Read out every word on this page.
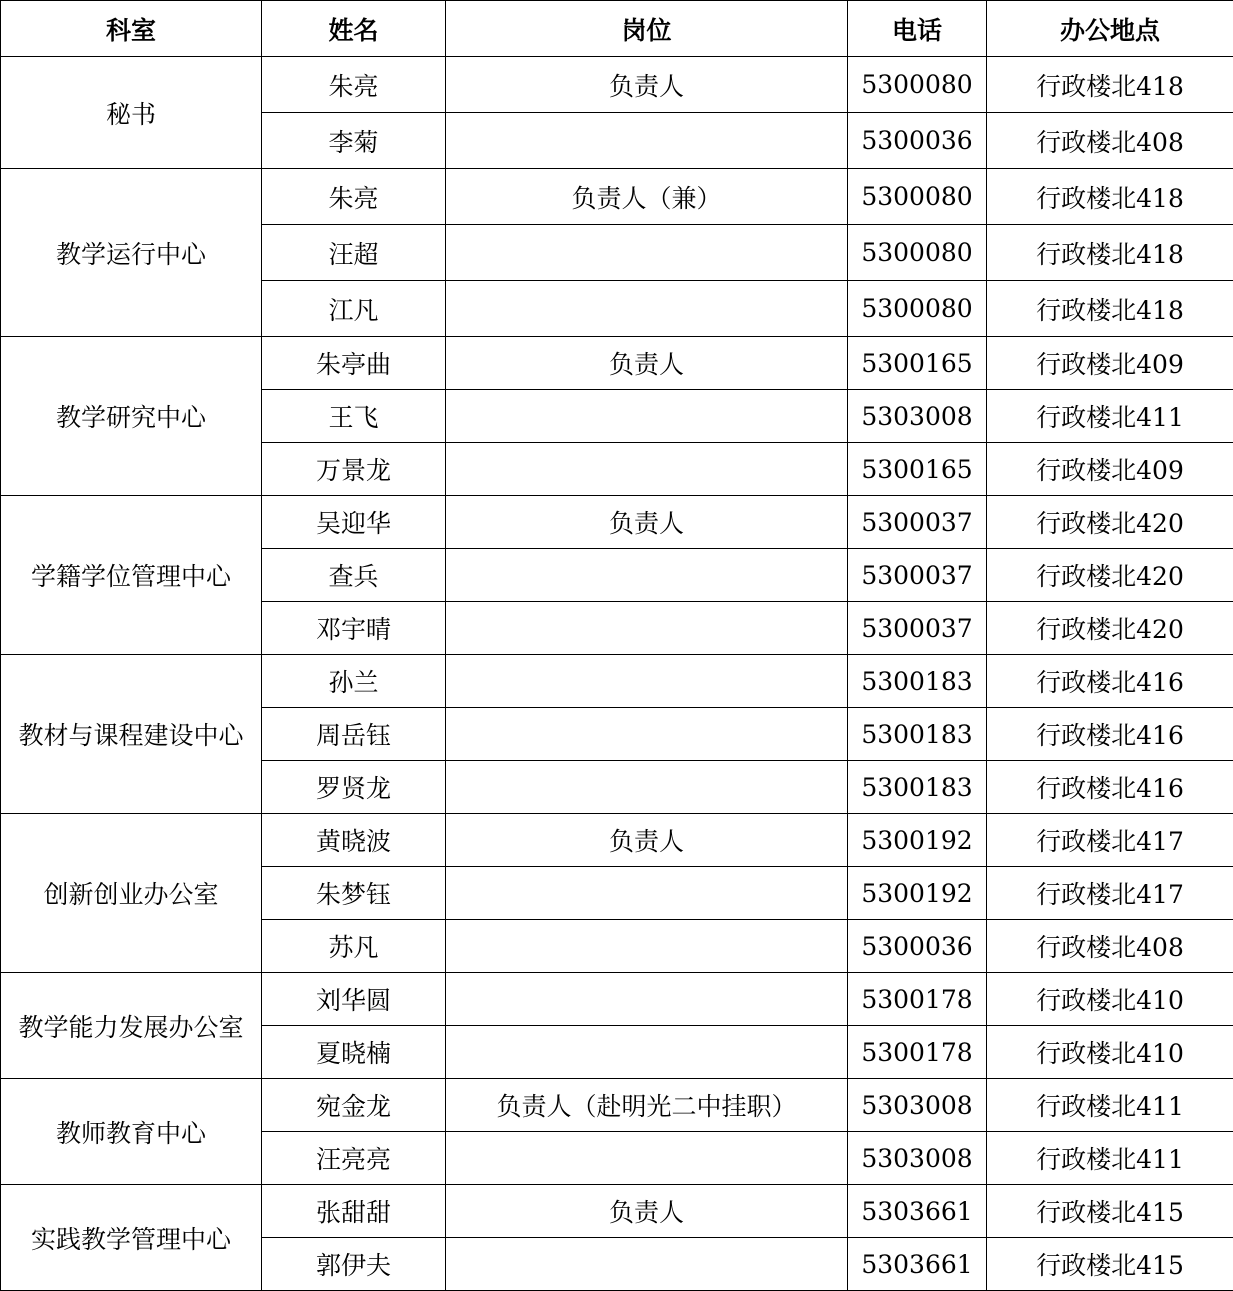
科室	姓名	岗位	电话	办公地点
秘书	朱亮	负责人	5300080	行政楼北418
	李菊		5300036	行政楼北408
教学运行中心	朱亮	负责人（兼）	5300080	行政楼北418
	汪超		5300080	行政楼北418
	江凡		5300080	行政楼北418
教学研究中心	朱亭曲	负责人	5300165	行政楼北409
	王飞		5303008	行政楼北411
	万景龙		5300165	行政楼北409
学籍学位管理中心	吴迎华	负责人	5300037	行政楼北420
	查兵		5300037	行政楼北420
	邓宇晴		5300037	行政楼北420
教材与课程建设中心	孙兰		5300183	行政楼北416
	周岳钰		5300183	行政楼北416
	罗贤龙		5300183	行政楼北416
创新创业办公室	黄晓波	负责人	5300192	行政楼北417
	朱梦钰		5300192	行政楼北417
	苏凡		5300036	行政楼北408
教学能力发展办公室	刘华圆		5300178	行政楼北410
	夏晓楠		5300178	行政楼北410
教师教育中心	宛金龙	负责人（赴明光二中挂职）	5303008	行政楼北411
	汪亮亮		5303008	行政楼北411
实践教学管理中心	张甜甜	负责人	5303661	行政楼北415
	郭伊夫		5303661	行政楼北415
